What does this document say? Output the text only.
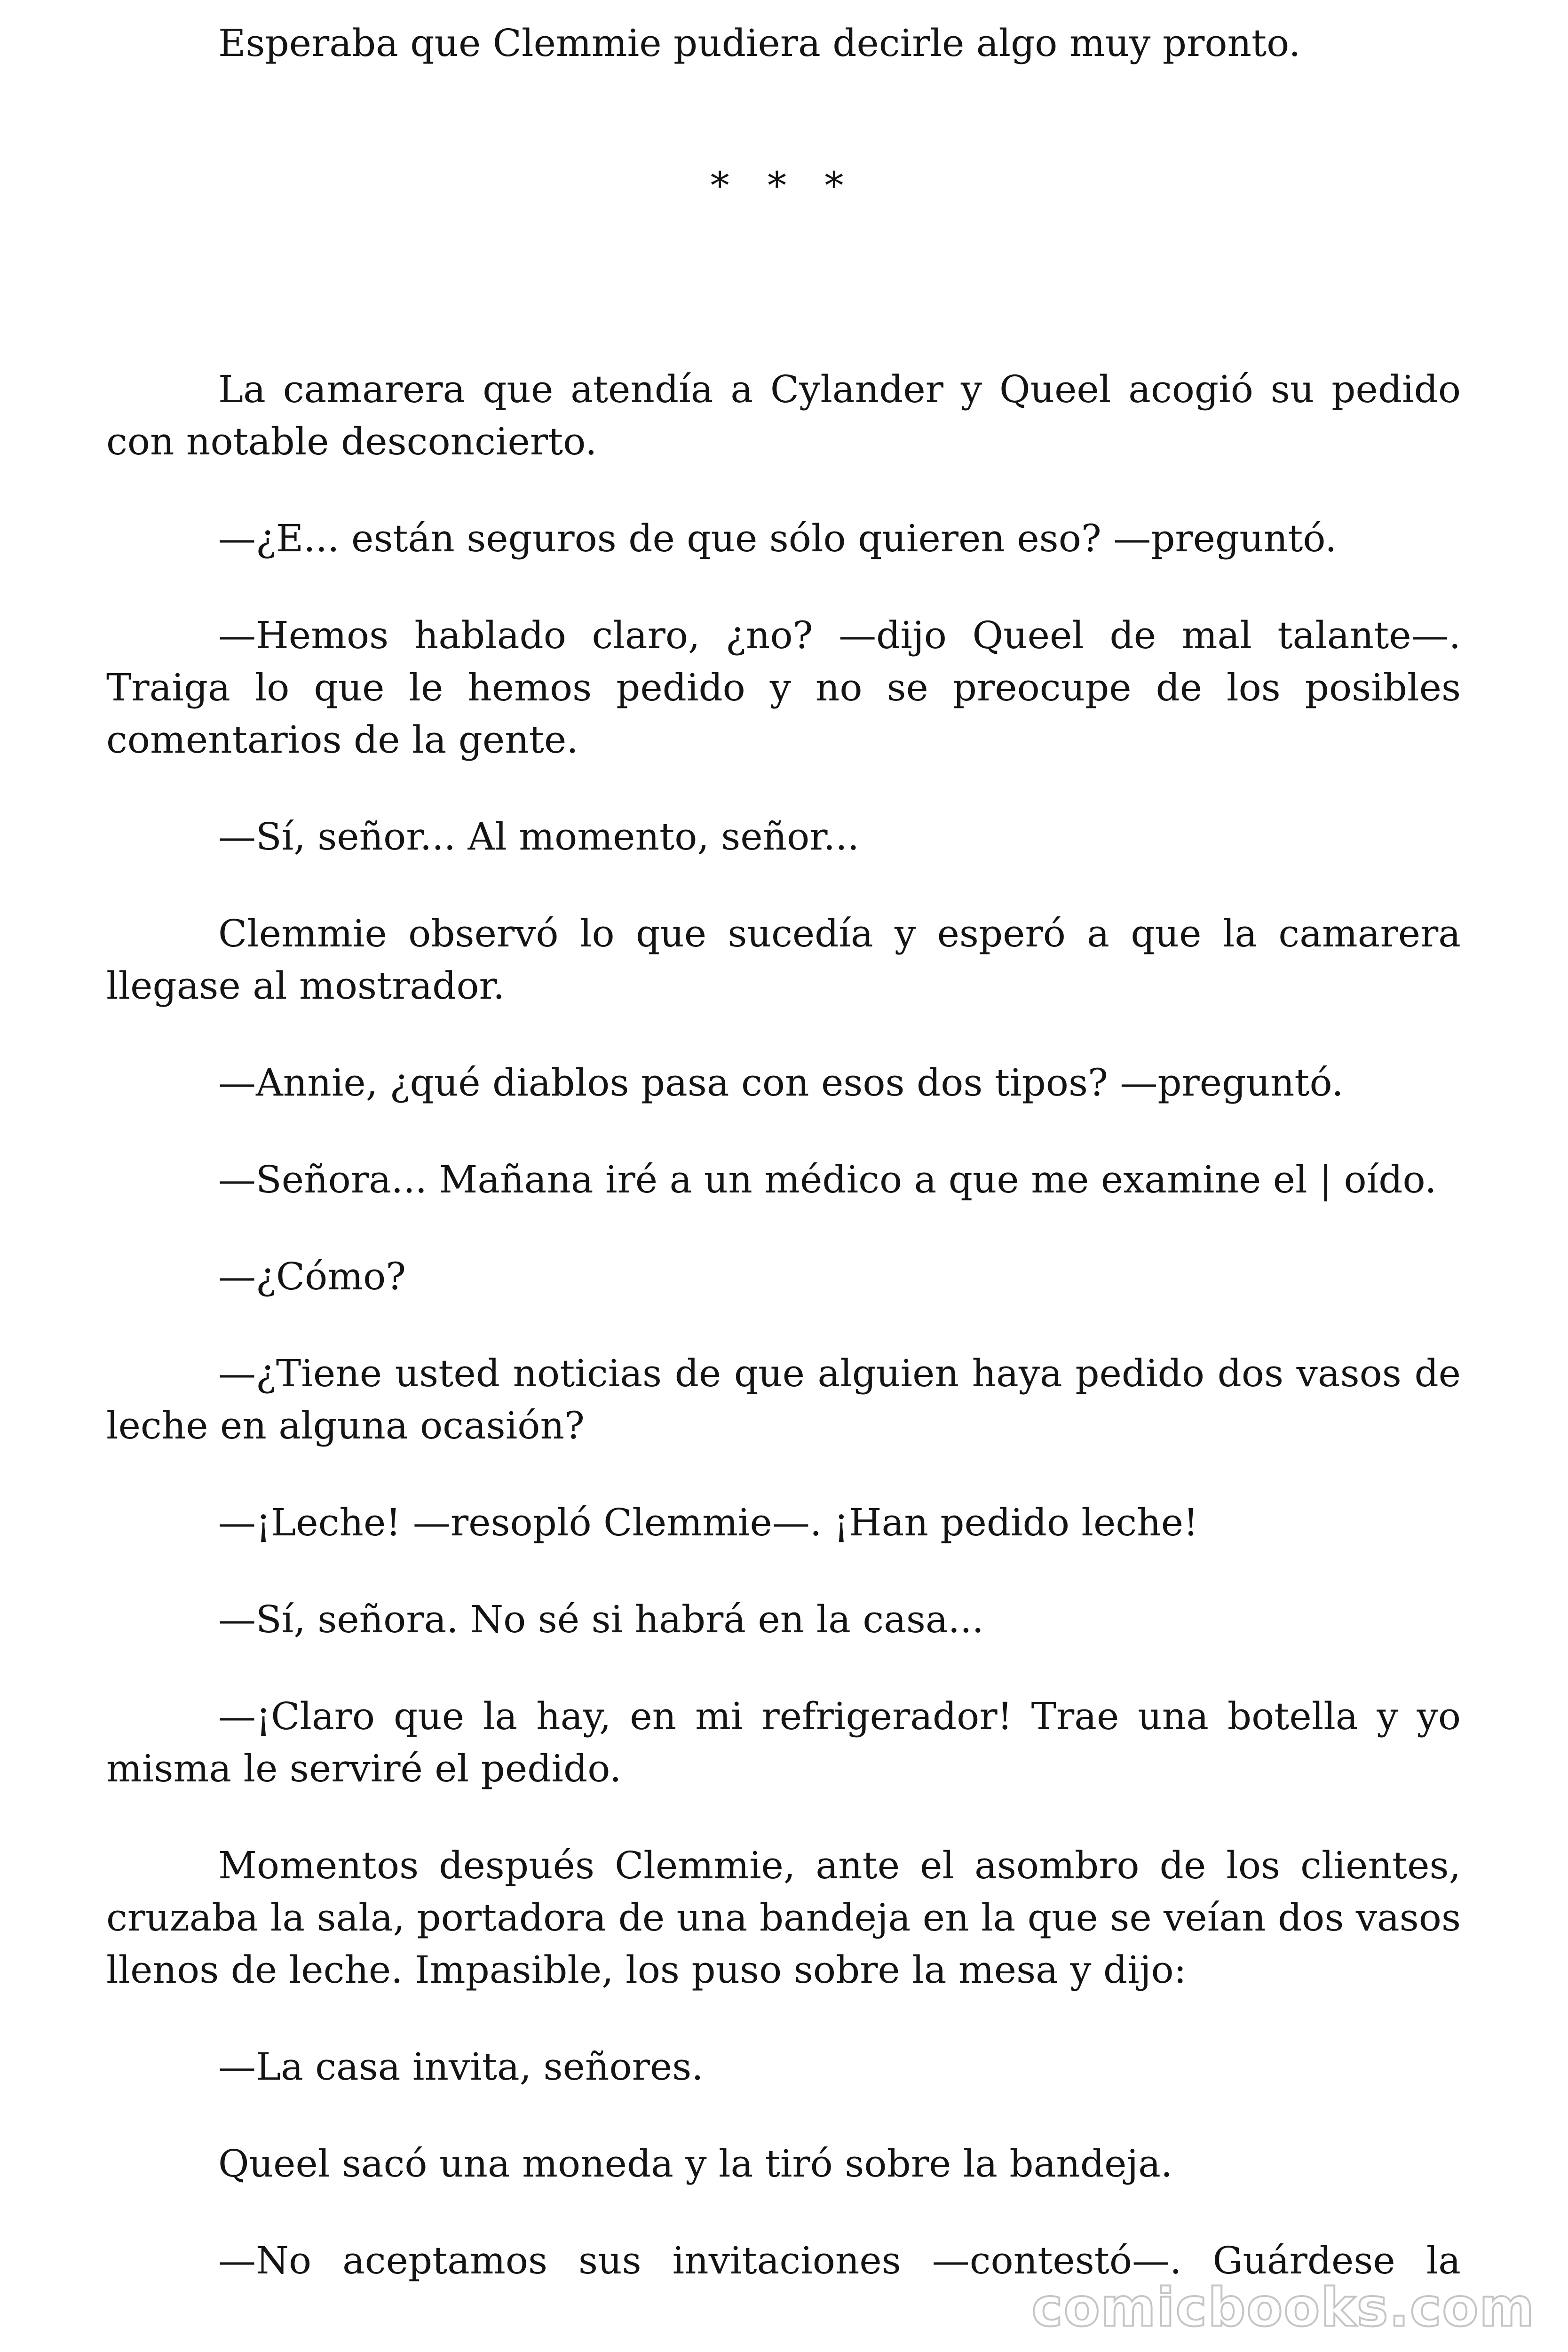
Esperaba que Clemmie pudiera decirle algo muy pronto.

* * *

La camarera que atendía a Cylander y Queel acogió su pedido con notable desconcierto.

—¿E... están seguros de que sólo quieren eso? —preguntó.

—Hemos hablado claro, ¿no? —dijo Queel de mal talante—. Traiga lo que le hemos pedido y no se preocupe de los posibles comentarios de la gente.

—Sí, señor... Al momento, señor...

Clemmie observó lo que sucedía y esperó a que la camarera llegase al mostrador.

—Annie, ¿qué diablos pasa con esos dos tipos? —preguntó.

—Señora... Mañana iré a un médico a que me examine el | oído.

—¿Cómo?

—¿Tiene usted noticias de que alguien haya pedido dos vasos de leche en alguna ocasión?

—¡Leche! —resopló Clemmie—. ¡Han pedido leche!

—Sí, señora. No sé si habrá en la casa...

—¡Claro que la hay, en mi refrigerador! Trae una botella y yo misma le serviré el pedido.

Momentos después Clemmie, ante el asombro de los clientes, cruzaba la sala, portadora de una bandeja en la que se veían dos vasos llenos de leche. Impasible, los puso sobre la mesa y dijo:

—La casa invita, señores.

Queel sacó una moneda y la tiró sobre la bandeja.

—No aceptamos sus invitaciones —contestó—. Guárdese la

comicbooks.com
